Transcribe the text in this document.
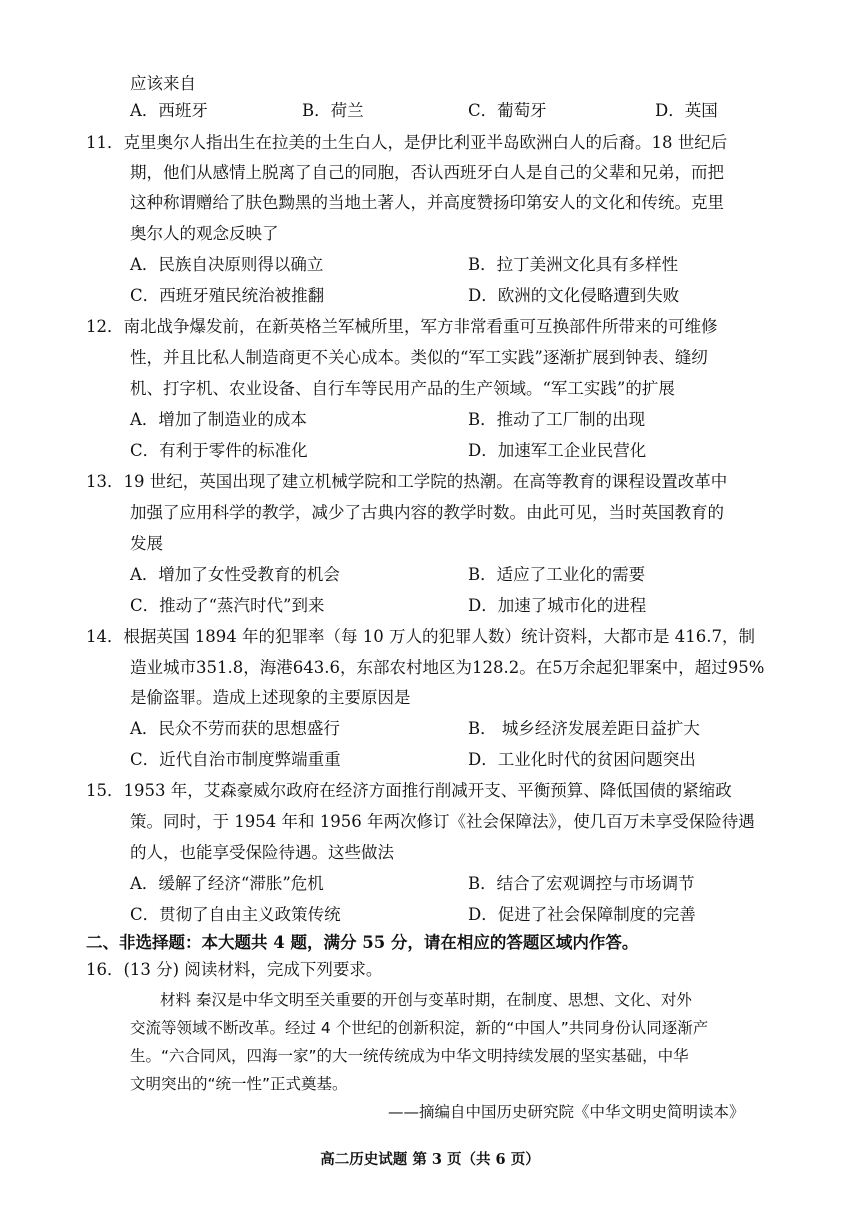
应该来自
A．西班牙	B．荷兰	C．葡萄牙	D．英国
11．克里奥尔人指出生在拉美的土生白人，是伊比利亚半岛欧洲白人的后裔。18 世纪后
期，他们从感情上脱离了自己的同胞，否认西班牙白人是自己的父辈和兄弟，而把
这种称谓赠给了肤色黝黑的当地土著人，并高度赞扬印第安人的文化和传统。克里
奥尔人的观念反映了
A．民族自决原则得以确立	B．拉丁美洲文化具有多样性
C．西班牙殖民统治被推翻	D．欧洲的文化侵略遭到失败
12．南北战争爆发前，在新英格兰军械所里，军方非常看重可互换部件所带来的可维修
性，并且比私人制造商更不关心成本。类似的“军工实践”逐渐扩展到钟表、缝纫
机、打字机、农业设备、自行车等民用产品的生产领域。“军工实践”的扩展
A．增加了制造业的成本	B．推动了工厂制的出现
C．有利于零件的标准化	D．加速军工企业民营化
13．19 世纪，英国出现了建立机械学院和工学院的热潮。在高等教育的课程设置改革中
加强了应用科学的教学，减少了古典内容的教学时数。由此可见，当时英国教育的
发展
A．增加了女性受教育的机会	B．适应了工业化的需要
C．推动了“蒸汽时代”到来	D．加速了城市化的进程
14．根据英国 1894 年的犯罪率（每 10 万人的犯罪人数）统计资料，大都市是 416.7，制
造业城市351.8，海港643.6，东部农村地区为128.2。在5万余起犯罪案中，超过95%
是偷盗罪。造成上述现象的主要原因是
A．民众不劳而获的思想盛行	B． 城乡经济发展差距日益扩大
C．近代自治市制度弊端重重	D．工业化时代的贫困问题突出
15．1953 年，艾森豪威尔政府在经济方面推行削减开支、平衡预算、降低国债的紧缩政
策。同时，于 1954 年和 1956 年两次修订《社会保障法》，使几百万未享受保险待遇
的人，也能享受保险待遇。这些做法
A．缓解了经济“滞胀”危机	B．结合了宏观调控与市场调节
C．贯彻了自由主义政策传统	D．促进了社会保障制度的完善
二、非选择题：本大题共 4 题，满分 55 分，请在相应的答题区域内作答。
16．(13 分) 阅读材料，完成下列要求。
材料 秦汉是中华文明至关重要的开创与变革时期，在制度、思想、文化、对外
交流等领域不断改革。经过 4 个世纪的创新积淀，新的“中国人”共同身份认同逐渐产
生。“六合同风，四海一家”的大一统传统成为中华文明持续发展的坚实基础，中华
文明突出的“统一性”正式奠基。
——摘编自中国历史研究院《中华文明史简明读本》
高二历史试题 第 3 页（共 6 页）
